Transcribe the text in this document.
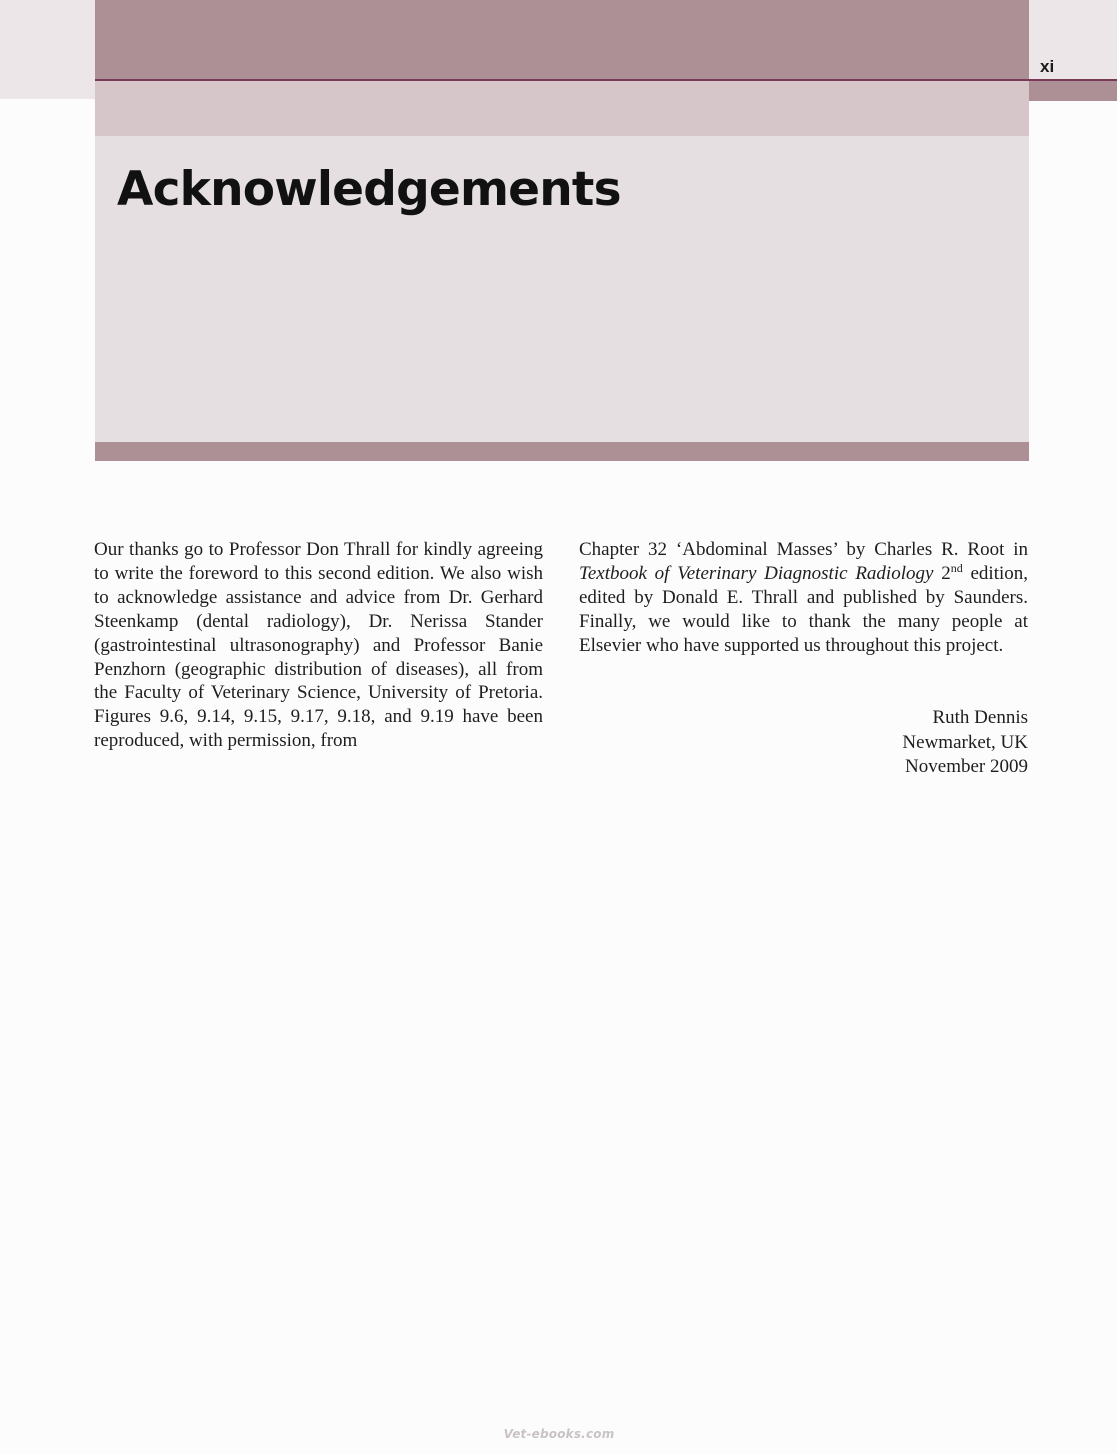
xi
Acknowledgements

Our thanks go to Professor Don Thrall for kindly agreeing to write the foreword to this second edition. We also wish to acknowledge assistance and advice from Dr. Gerhard Steenkamp (dental radiology), Dr. Nerissa Stander (gastrointestinal ultrasonography) and Professor Banie Penzhorn (geographic distribution of diseases), all from the Faculty of Veterinary Science, University of Pretoria. Figures 9.6, 9.14, 9.15, 9.17, 9.18, and 9.19 have been reproduced, with permission, from

Chapter 32 ‘Abdominal Masses’ by Charles R. Root in Textbook of Veterinary Diagnostic Radiology 2nd edition, edited by Donald E. Thrall and published by Saunders. Finally, we would like to thank the many people at Elsevier who have supported us throughout this project.

Ruth Dennis
Newmarket, UK
November 2009
Vet-ebooks.com
